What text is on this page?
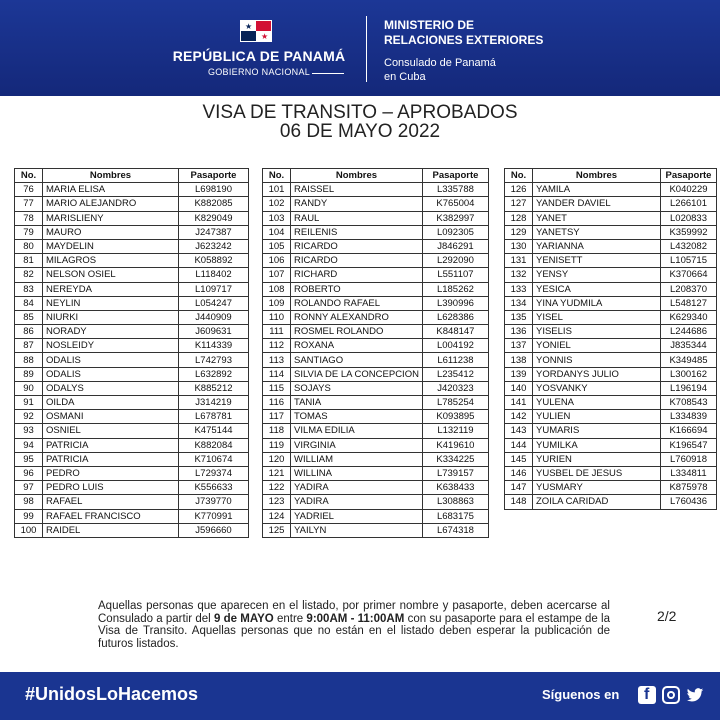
★
★
REPÚBLICA DE PANAMÁ
GOBIERNO NACIONAL
MINISTERIO DE
RELACIONES EXTERIORES
Consulado de Panamá
en Cuba
VISA DE TRANSITO – APROBADOS
06 DE MAYO 2022
No.	Nombres	Pasaporte
76	MARIA ELISA	L698190
77	MARIO ALEJANDRO	K882085
78	MARISLIENY	K829049
79	MAURO	J247387
80	MAYDELIN	J623242
81	MILAGROS	K058892
82	NELSON OSIEL	L118402
83	NEREYDA	L109717
84	NEYLIN	L054247
85	NIURKI	J440909
86	NORADY	J609631
87	NOSLEIDY	K114339
88	ODALIS	L742793
89	ODALIS	L632892
90	ODALYS	K885212
91	OILDA	J314219
92	OSMANI	L678781
93	OSNIEL	K475144
94	PATRICIA	K882084
95	PATRICIA	K710674
96	PEDRO	L729374
97	PEDRO LUIS	K556633
98	RAFAEL	J739770
99	RAFAEL FRANCISCO	K770991
100	RAIDEL	J596660
No.	Nombres	Pasaporte
101	RAISSEL	L335788
102	RANDY	K765004
103	RAUL	K382997
104	REILENIS	L092305
105	RICARDO	J846291
106	RICARDO	L292090
107	RICHARD	L551107
108	ROBERTO	L185262
109	ROLANDO RAFAEL	L390996
110	RONNY ALEXANDRO	L628386
111	ROSMEL ROLANDO	K848147
112	ROXANA	L004192
113	SANTIAGO	L611238
114	SILVIA DE LA CONCEPCION	L235412
115	SOJAYS	J420323
116	TANIA	L785254
117	TOMAS	K093895
118	VILMA EDILIA	L132119
119	VIRGINIA	K419610
120	WILLIAM	K334225
121	WILLINA	L739157
122	YADIRA	K638433
123	YADIRA	L308863
124	YADRIEL	L683175
125	YAILYN	L674318
No.	Nombres	Pasaporte
126	YAMILA	K040229
127	YANDER DAVIEL	L266101
128	YANET	L020833
129	YANETSY	K359992
130	YARIANNA	L432082
131	YENISETT	L105715
132	YENSY	K370664
133	YESICA	L208370
134	YINA YUDMILA	L548127
135	YISEL	K629340
136	YISELIS	L244686
137	YONIEL	J835344
138	YONNIS	K349485
139	YORDANYS JULIO	L300162
140	YOSVANKY	L196194
141	YULENA	K708543
142	YULIEN	L334839
143	YUMARIS	K166694
144	YUMILKA	K196547
145	YURIEN	L760918
146	YUSBEL DE JESUS	L334811
147	YUSMARY	K875978
148	ZOILA CARIDAD	L760436
Aquellas personas que aparecen en el listado, por primer nombre y pasaporte, deben acercarse al Consulado a partir del 9 de MAYO entre 9:00AM - 11:00AM con su pasaporte para el estampe de la Visa de Transito. Aquellas personas que no están en el listado deben esperar la publicación de futuros listados.
2/2
#UnidosLoHacemos	Síguenos en f
